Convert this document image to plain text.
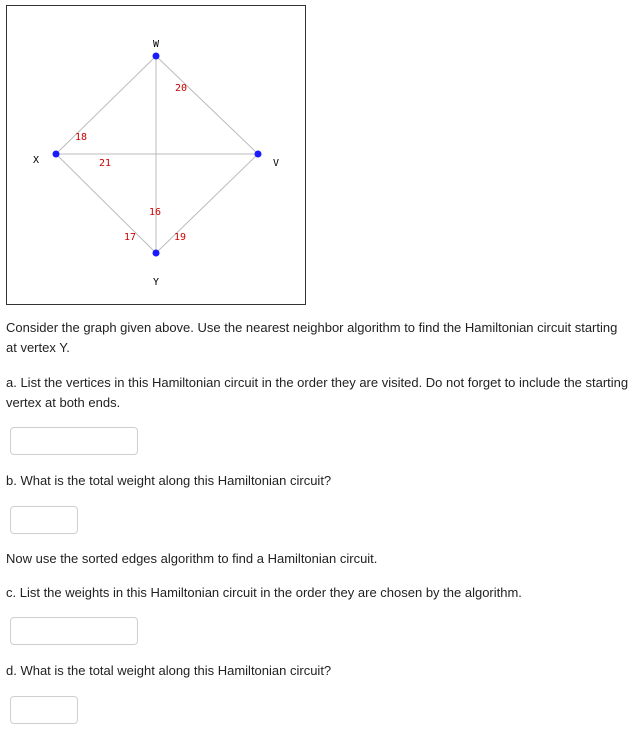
W
X	V
Y
20
18
21
16
17	19
Consider the graph given above. Use the nearest neighbor algorithm to find the Hamiltonian circuit starting at vertex Y.
a. List the vertices in this Hamiltonian circuit in the order they are visited. Do not forget to include the starting vertex at both ends.
b. What is the total weight along this Hamiltonian circuit?
Now use the sorted edges algorithm to find a Hamiltonian circuit.
c. List the weights in this Hamiltonian circuit in the order they are chosen by the algorithm.
d. What is the total weight along this Hamiltonian circuit?
